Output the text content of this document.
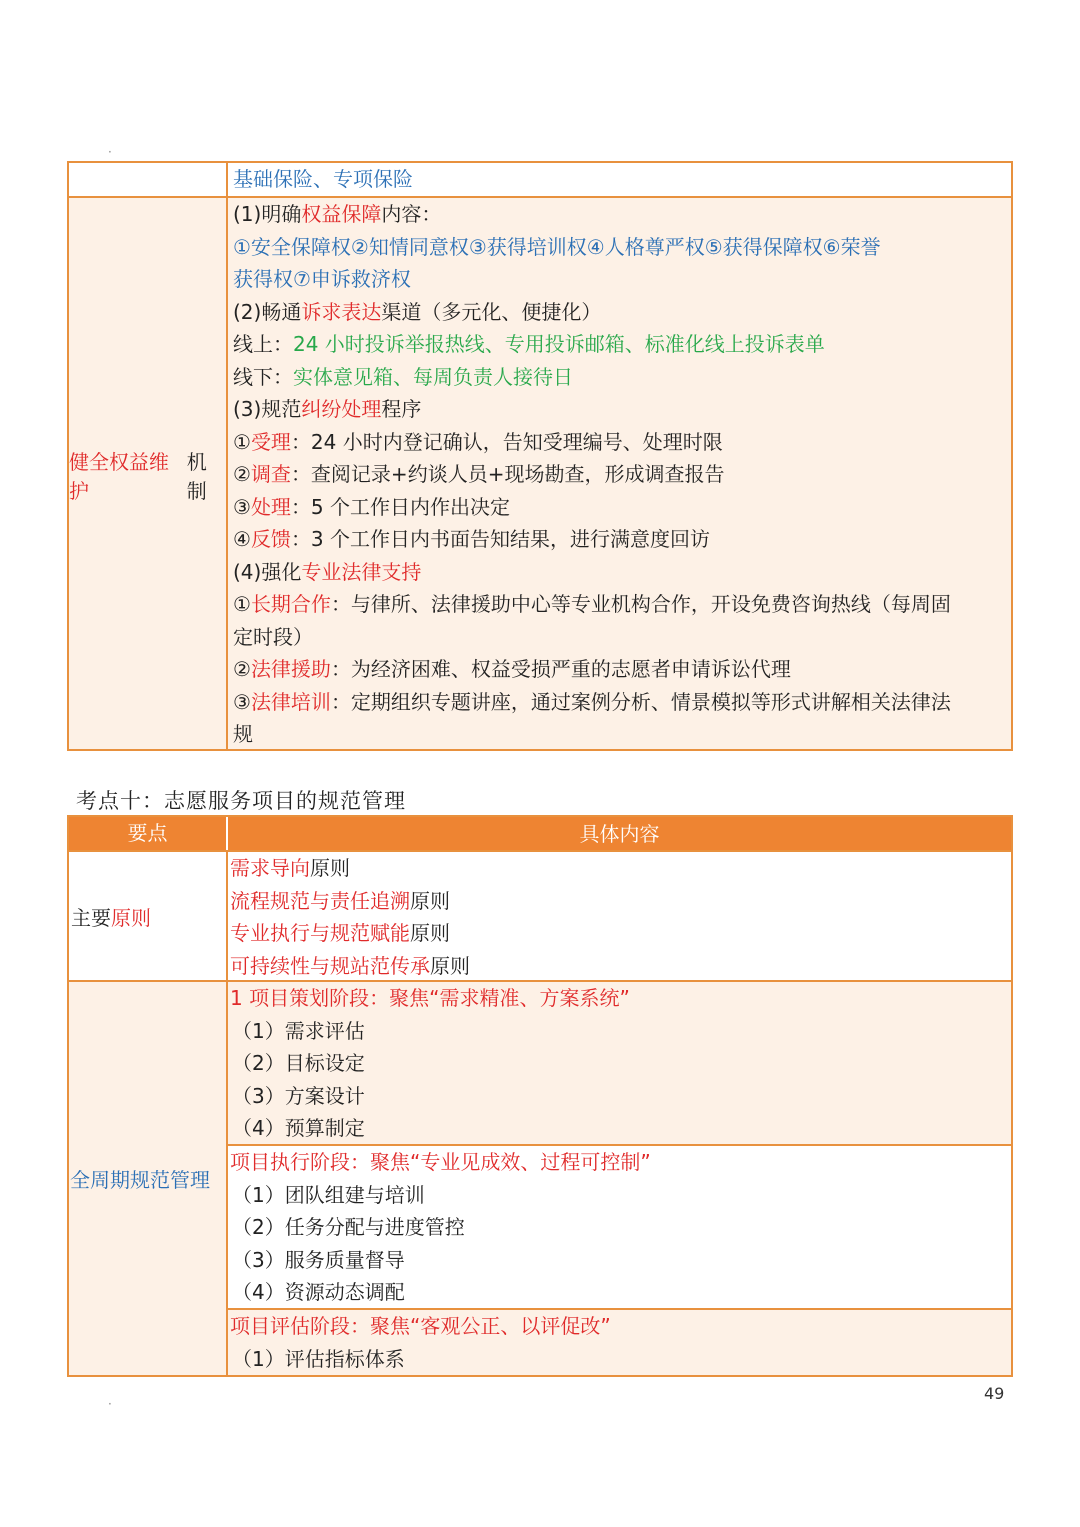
·
基础保险、专项保险
健全权益维护
机制
(1)明确权益保障内容：
①安全保障权②知情同意权③获得培训权④人格尊严权⑤获得保障权⑥荣誉
获得权⑦申诉救济权
(2)畅通诉求表达渠道（多元化、便捷化）
线上：24 小时投诉举报热线、专用投诉邮箱、标准化线上投诉表单
线下：实体意见箱、每周负责人接待日
(3)规范纠纷处理程序
①受理：24 小时内登记确认，告知受理编号、处理时限
②调查：查阅记录+约谈人员+现场勘查，形成调查报告
③处理：5 个工作日内作出决定
④反馈：3 个工作日内书面告知结果，进行满意度回访
(4)强化专业法律支持
①长期合作：与律所、法律援助中心等专业机构合作，开设免费咨询热线（每周固
定时段）
②法律援助：为经济困难、权益受损严重的志愿者申请诉讼代理
③法律培训：定期组织专题讲座，通过案例分析、情景模拟等形式讲解相关法律法
规
考点十：志愿服务项目的规范管理
要点	具体内容
主要 原则
需求导向原则
流程规范与责任追溯原则
专业执行与规范赋能原则
可持续性与规站范传承原则
全周期规范管理
1 项目策划阶段：聚焦“需求精准、方案系统”
（1）需求评估
（2）目标设定
（3）方案设计
（4）预算制定
项目执行阶段：聚焦“专业见成效、过程可控制”
（1）团队组建与培训
（2）任务分配与进度管控
（3）服务质量督导
（4）资源动态调配
项目评估阶段：聚焦“客观公正、以评促改”
（1）评估指标体系
49
·
